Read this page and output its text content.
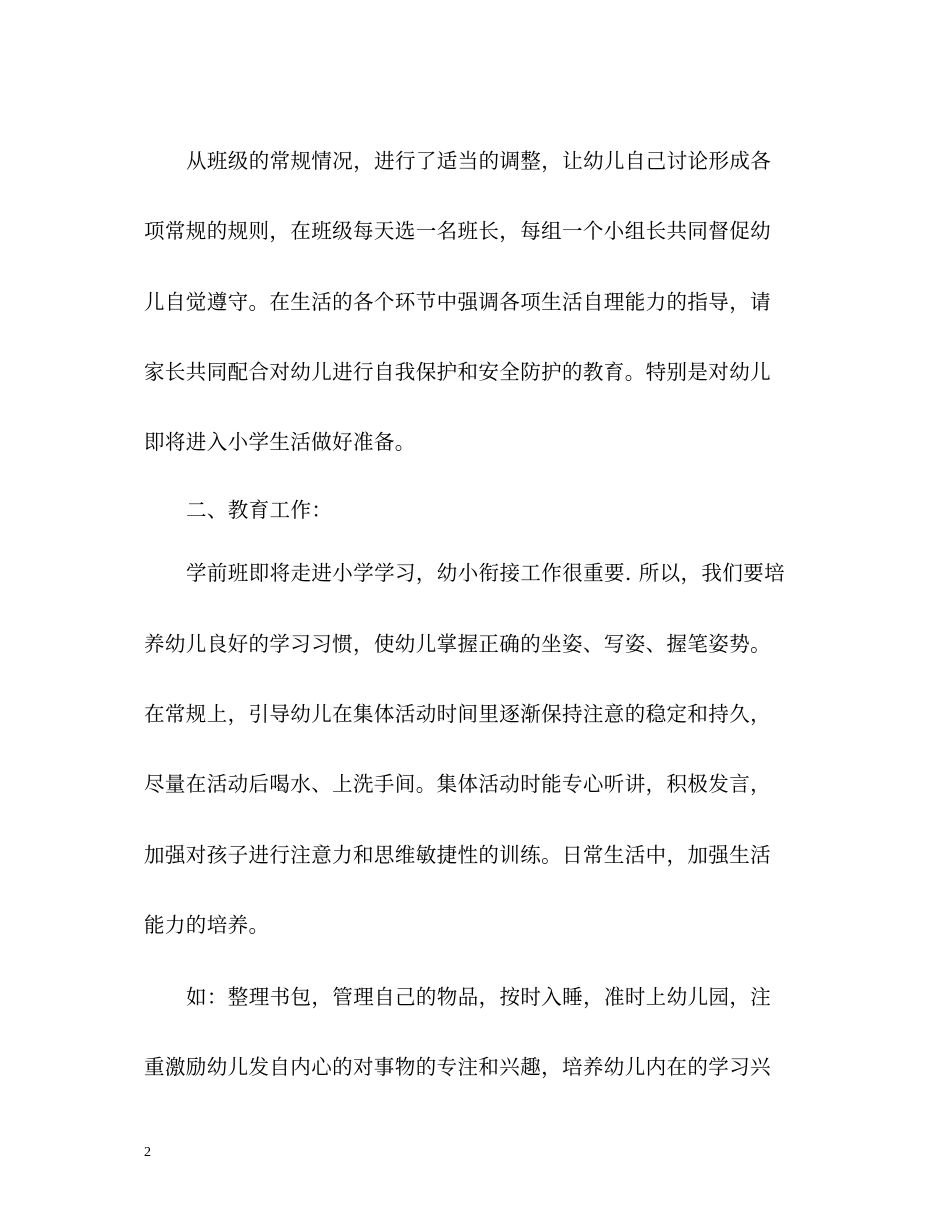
从班级的常规情况，进行了适当的调整，让幼儿自己讨论形成各
项常规的规则，在班级每天选一名班长，每组一个小组长共同督促幼
儿自觉遵守。在生活的各个环节中强调各项生活自理能力的指导，请
家长共同配合对幼儿进行自我保护和安全防护的教育。特别是对幼儿
即将进入小学生活做好准备。
二、教育工作：
学前班即将走进小学学习，幼小衔接工作很重要. 所以，我们要培
养幼儿良好的学习习惯，使幼儿掌握正确的坐姿、写姿、握笔姿势。
在常规上，引导幼儿在集体活动时间里逐渐保持注意的稳定和持久，
尽量在活动后喝水、上洗手间。集体活动时能专心听讲，积极发言，
加强对孩子进行注意力和思维敏捷性的训练。日常生活中，加强生活
能力的培养。
如：整理书包，管理自己的物品，按时入睡，准时上幼儿园，注
重激励幼儿发自内心的对事物的专注和兴趣，培养幼儿内在的学习兴
2
